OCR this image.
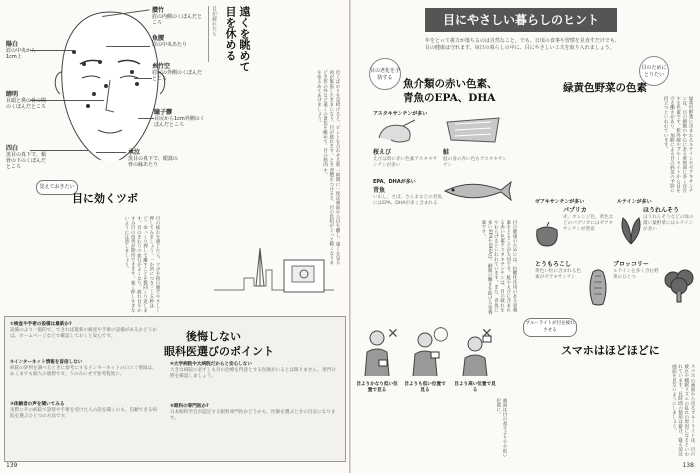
攅竹
眉の内側のくぼんだところ
陽白
眉の中央から1cm上
魚腰
眉の中央あたり
糸竹空
眉尻の外側のくぼんだところ
瞳子髎
目尻から1cm外側のくぼんだところ
睛明
目頭と鼻の骨の間のくぼんだところ
四白
黒目の真下で、頬骨の下のくぼんだところ
承泣
黒目の真下で、眼窩の骨の縁あたり
覚えておきたい
目に効くツボ
目の疲れを感じたら、ツボを指の腹でやさしく押してみましょう。一か所につき三〜五秒ほど、ゆっくり押して離すことを数回くり返します。目のまわりの血行がよくなり、疲れ目やかすみ目の改善が期待できます。強く押しすぎないように注意しましょう。
目が疲れたら 遠くを眺めて
目を休める
近くばかりを見続けると、ピントを合わせる筋肉が緊張したままになり、目が疲れます。ときどき窓の外など遠くの景色を眺めて、目の筋肉をゆるめてあげましょう。
一時間に一度は画面から目を離し、遠くを見る習慣をつけると、目の負担がぐっと軽くなります。
後悔しない
眼科医選びのポイント
①検査や手術の設備は最新か?
設備のより一般的で、できれば最新の検査や手術の設備があるかどうかは、ホームページなどで確認しておくと安心です。
②インターネット情報を盲信しない
病院の評判を調べるときに参考にするインターネットの口コミ情報は、あくまでも個人の感想です。うのみにせず参考程度に。
③体験者の声を聞いてみる
実際にその病院で診察や手術を受けた人の話を聞くのも、信頼できる病院を選ぶひとつの方法です。
④大学病院や大病院だからと安心しない
大きな病院に必ずしも目の治療を得意とする医師がいるとは限りません。専門分野を確認しましょう。
⑤眼科の専門医か?
日本眼科学会が認定する眼科専門医かどうかも、医師を選ぶときの目安になります。
139
目にやさしい暮らしのヒント
年をとって視力が落ちるのは自然なこと。でも、日頃の食事や習慣を見直すだけでも、目の健康は守れます。毎日の暮らしの中に、目にやさしい工夫を取り入れましょう。
目の老化を予防する	魚介類の赤い色素、
青魚のEPA、DHA
アスタキサンチンが多い
桜えび
えびは殻に赤い色素アスタキサンチンが多い
鮭
鮭の身の赤い色もアスタキサンチン
EPA、DHAが多い
青魚
いわし、さば、さんまなどの青魚にはEPA、DHAが多く含まれる
目の健康のためには、抗酸化作用のある栄養素をとることが大切です。鮭やえびに含まれる赤い色素アスタキサンチンは、目の疲れをやわらげるといわれています。また、青魚に多いEPAやDHAは、網膜の働きを助ける栄養素です。
目のためにとりたい
緑黄色野菜の色素
緑黄色野菜に含まれるルテインやゼアキサンチンは、目の網膜の中心にある黄斑部に多く存在する色素です。紫外線やブルーライトから目を守る働きがあり、加齢による目の病気の予防に役立つといわれています。
ゼアキサンチンが多い	ルテインが多い
パプリカ
赤、オレンジ色、黄色などのパプリカにはゼアキサンチンが豊富
ほうれんそう
ほうれんそうなどの緑の濃い葉野菜にはルテインが多い
とうもろこし
黄色い粒に含まれる色素がゼアキサンチン
ブロッコリー
ルテインを多く含む野菜のひとつ
ブルーライトが目を疲れさせる
スマホはほどほどに
✕
✕ ◯
目よりかなり低い位置で見る
目よりも低い位置で見る
目より高い位置で見る
画面は目の高さよりやや低い位置に。	スマホの画面から出るブルーライトは、目の疲れや睡眠リズムの乱れの原因になるといわれています。長時間の使用は避け、寝る前は画面を見ないようにしましょう。
138
